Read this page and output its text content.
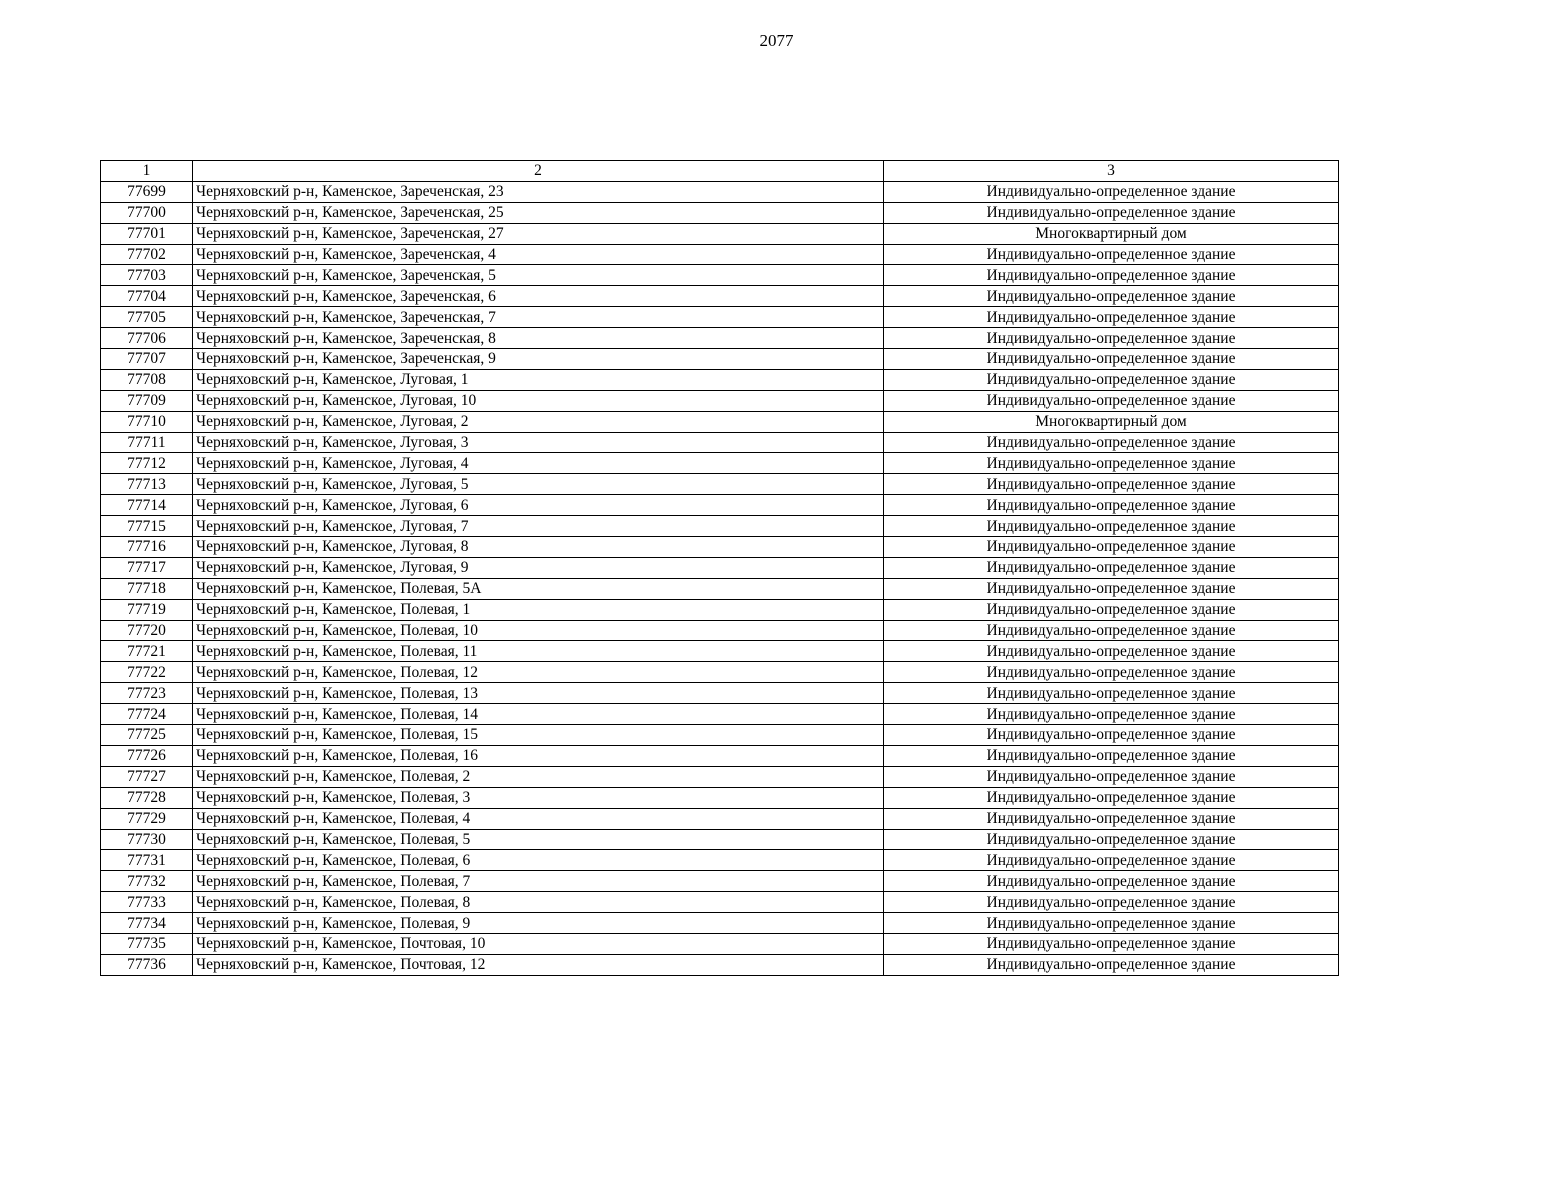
2077
1	2	3
77699	Черняховский р-н, Каменское, Зареченская, 23	Индивидуально-определенное здание
77700	Черняховский р-н, Каменское, Зареченская, 25	Индивидуально-определенное здание
77701	Черняховский р-н, Каменское, Зареченская, 27	Многоквартирный дом
77702	Черняховский р-н, Каменское, Зареченская, 4	Индивидуально-определенное здание
77703	Черняховский р-н, Каменское, Зареченская, 5	Индивидуально-определенное здание
77704	Черняховский р-н, Каменское, Зареченская, 6	Индивидуально-определенное здание
77705	Черняховский р-н, Каменское, Зареченская, 7	Индивидуально-определенное здание
77706	Черняховский р-н, Каменское, Зареченская, 8	Индивидуально-определенное здание
77707	Черняховский р-н, Каменское, Зареченская, 9	Индивидуально-определенное здание
77708	Черняховский р-н, Каменское, Луговая, 1	Индивидуально-определенное здание
77709	Черняховский р-н, Каменское, Луговая, 10	Индивидуально-определенное здание
77710	Черняховский р-н, Каменское, Луговая, 2	Многоквартирный дом
77711	Черняховский р-н, Каменское, Луговая, 3	Индивидуально-определенное здание
77712	Черняховский р-н, Каменское, Луговая, 4	Индивидуально-определенное здание
77713	Черняховский р-н, Каменское, Луговая, 5	Индивидуально-определенное здание
77714	Черняховский р-н, Каменское, Луговая, 6	Индивидуально-определенное здание
77715	Черняховский р-н, Каменское, Луговая, 7	Индивидуально-определенное здание
77716	Черняховский р-н, Каменское, Луговая, 8	Индивидуально-определенное здание
77717	Черняховский р-н, Каменское, Луговая, 9	Индивидуально-определенное здание
77718	Черняховский р-н, Каменское, Полевая, 5А	Индивидуально-определенное здание
77719	Черняховский р-н, Каменское, Полевая, 1	Индивидуально-определенное здание
77720	Черняховский р-н, Каменское, Полевая, 10	Индивидуально-определенное здание
77721	Черняховский р-н, Каменское, Полевая, 11	Индивидуально-определенное здание
77722	Черняховский р-н, Каменское, Полевая, 12	Индивидуально-определенное здание
77723	Черняховский р-н, Каменское, Полевая, 13	Индивидуально-определенное здание
77724	Черняховский р-н, Каменское, Полевая, 14	Индивидуально-определенное здание
77725	Черняховский р-н, Каменское, Полевая, 15	Индивидуально-определенное здание
77726	Черняховский р-н, Каменское, Полевая, 16	Индивидуально-определенное здание
77727	Черняховский р-н, Каменское, Полевая, 2	Индивидуально-определенное здание
77728	Черняховский р-н, Каменское, Полевая, 3	Индивидуально-определенное здание
77729	Черняховский р-н, Каменское, Полевая, 4	Индивидуально-определенное здание
77730	Черняховский р-н, Каменское, Полевая, 5	Индивидуально-определенное здание
77731	Черняховский р-н, Каменское, Полевая, 6	Индивидуально-определенное здание
77732	Черняховский р-н, Каменское, Полевая, 7	Индивидуально-определенное здание
77733	Черняховский р-н, Каменское, Полевая, 8	Индивидуально-определенное здание
77734	Черняховский р-н, Каменское, Полевая, 9	Индивидуально-определенное здание
77735	Черняховский р-н, Каменское, Почтовая, 10	Индивидуально-определенное здание
77736	Черняховский р-н, Каменское, Почтовая, 12	Индивидуально-определенное здание
